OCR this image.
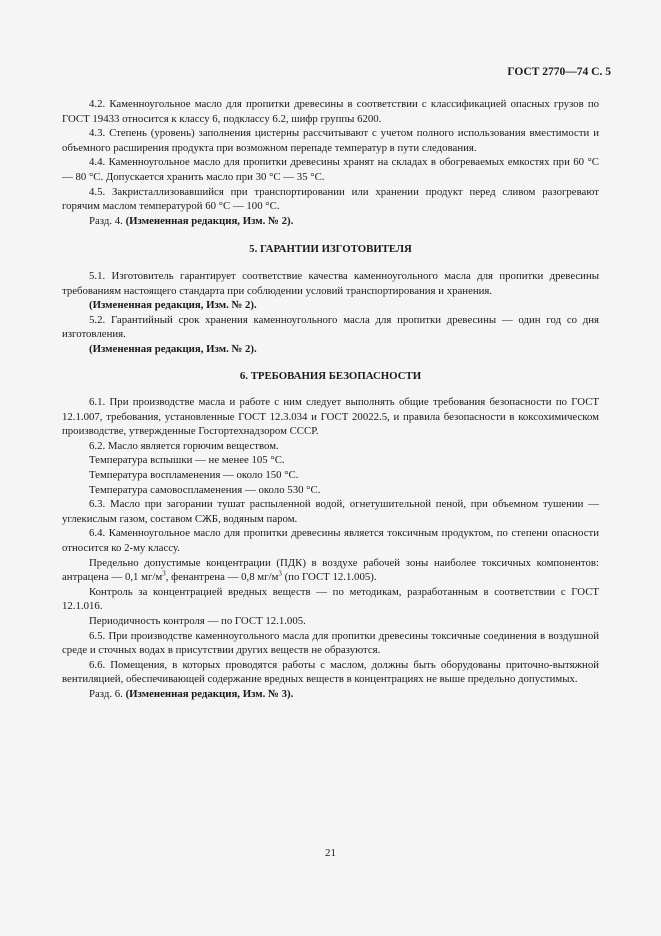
ГОСТ 2770—74 С. 5

4.2. Каменноугольное масло для пропитки древесины в соответствии с классификацией опасных грузов по ГОСТ 19433 относится к классу 6, подклассу 6.2, шифр группы 6200.

4.3. Степень (уровень) заполнения цистерны рассчитывают с учетом полного использования вместимости и объемного расширения продукта при возможном перепаде температур в пути следования.

4.4. Каменноугольное масло для пропитки древесины хранят на складах в обогреваемых емкостях при 60 °С — 80 °С. Допускается хранить масло при 30 °С — 35 °С.

4.5. Закристаллизовавшийся при транспортировании или хранении продукт перед сливом разогревают горячим маслом температурой 60 °С — 100 °С.

Разд. 4. (Измененная редакция, Изм. № 2).

5. ГАРАНТИИ ИЗГОТОВИТЕЛЯ

5.1. Изготовитель гарантирует соответствие качества каменноугольного масла для пропитки древесины требованиям настоящего стандарта при соблюдении условий транспортирования и хранения.

(Измененная редакция, Изм. № 2).

5.2. Гарантийный срок хранения каменноугольного масла для пропитки древесины — один год со дня изготовления.

(Измененная редакция, Изм. № 2).

6. ТРЕБОВАНИЯ БЕЗОПАСНОСТИ

6.1. При производстве масла и работе с ним следует выполнять общие требования безопасности по ГОСТ 12.1.007, требования, установленные ГОСТ 12.3.034 и ГОСТ 20022.5, и правила безопасности в коксохимическом производстве, утвержденные Госгортехнадзором СССР.

6.2. Масло является горючим веществом.

Температура вспышки — не менее 105 °С.

Температура воспламенения — около 150 °С.

Температура самовоспламенения — около 530 °С.

6.3. Масло при загорании тушат распыленной водой, огнетушительной пеной, при объемном тушении — углекислым газом, составом СЖБ, водяным паром.

6.4. Каменноугольное масло для пропитки древесины является токсичным продуктом, по степени опасности относится ко 2-му классу.

Предельно допустимые концентрации (ПДК) в воздухе рабочей зоны наиболее токсичных компонентов: антрацена — 0,1 $мг/м^3$, фенантрена — 0,8 $мг/м^3$ (по ГОСТ 12.1.005).

Контроль за концентрацией вредных веществ — по методикам, разработанным в соответствии с ГОСТ 12.1.016.

Периодичность контроля — по ГОСТ 12.1.005.

6.5. При производстве каменноугольного масла для пропитки древесины токсичные соединения в воздушной среде и сточных водах в присутствии других веществ не образуются.

6.6. Помещения, в которых проводятся работы с маслом, должны быть оборудованы приточно-вытяжной вентиляцией, обеспечивающей содержание вредных веществ в концентрациях не выше предельно допустимых.

Разд. 6. (Измененная редакция, Изм. № 3).

21
